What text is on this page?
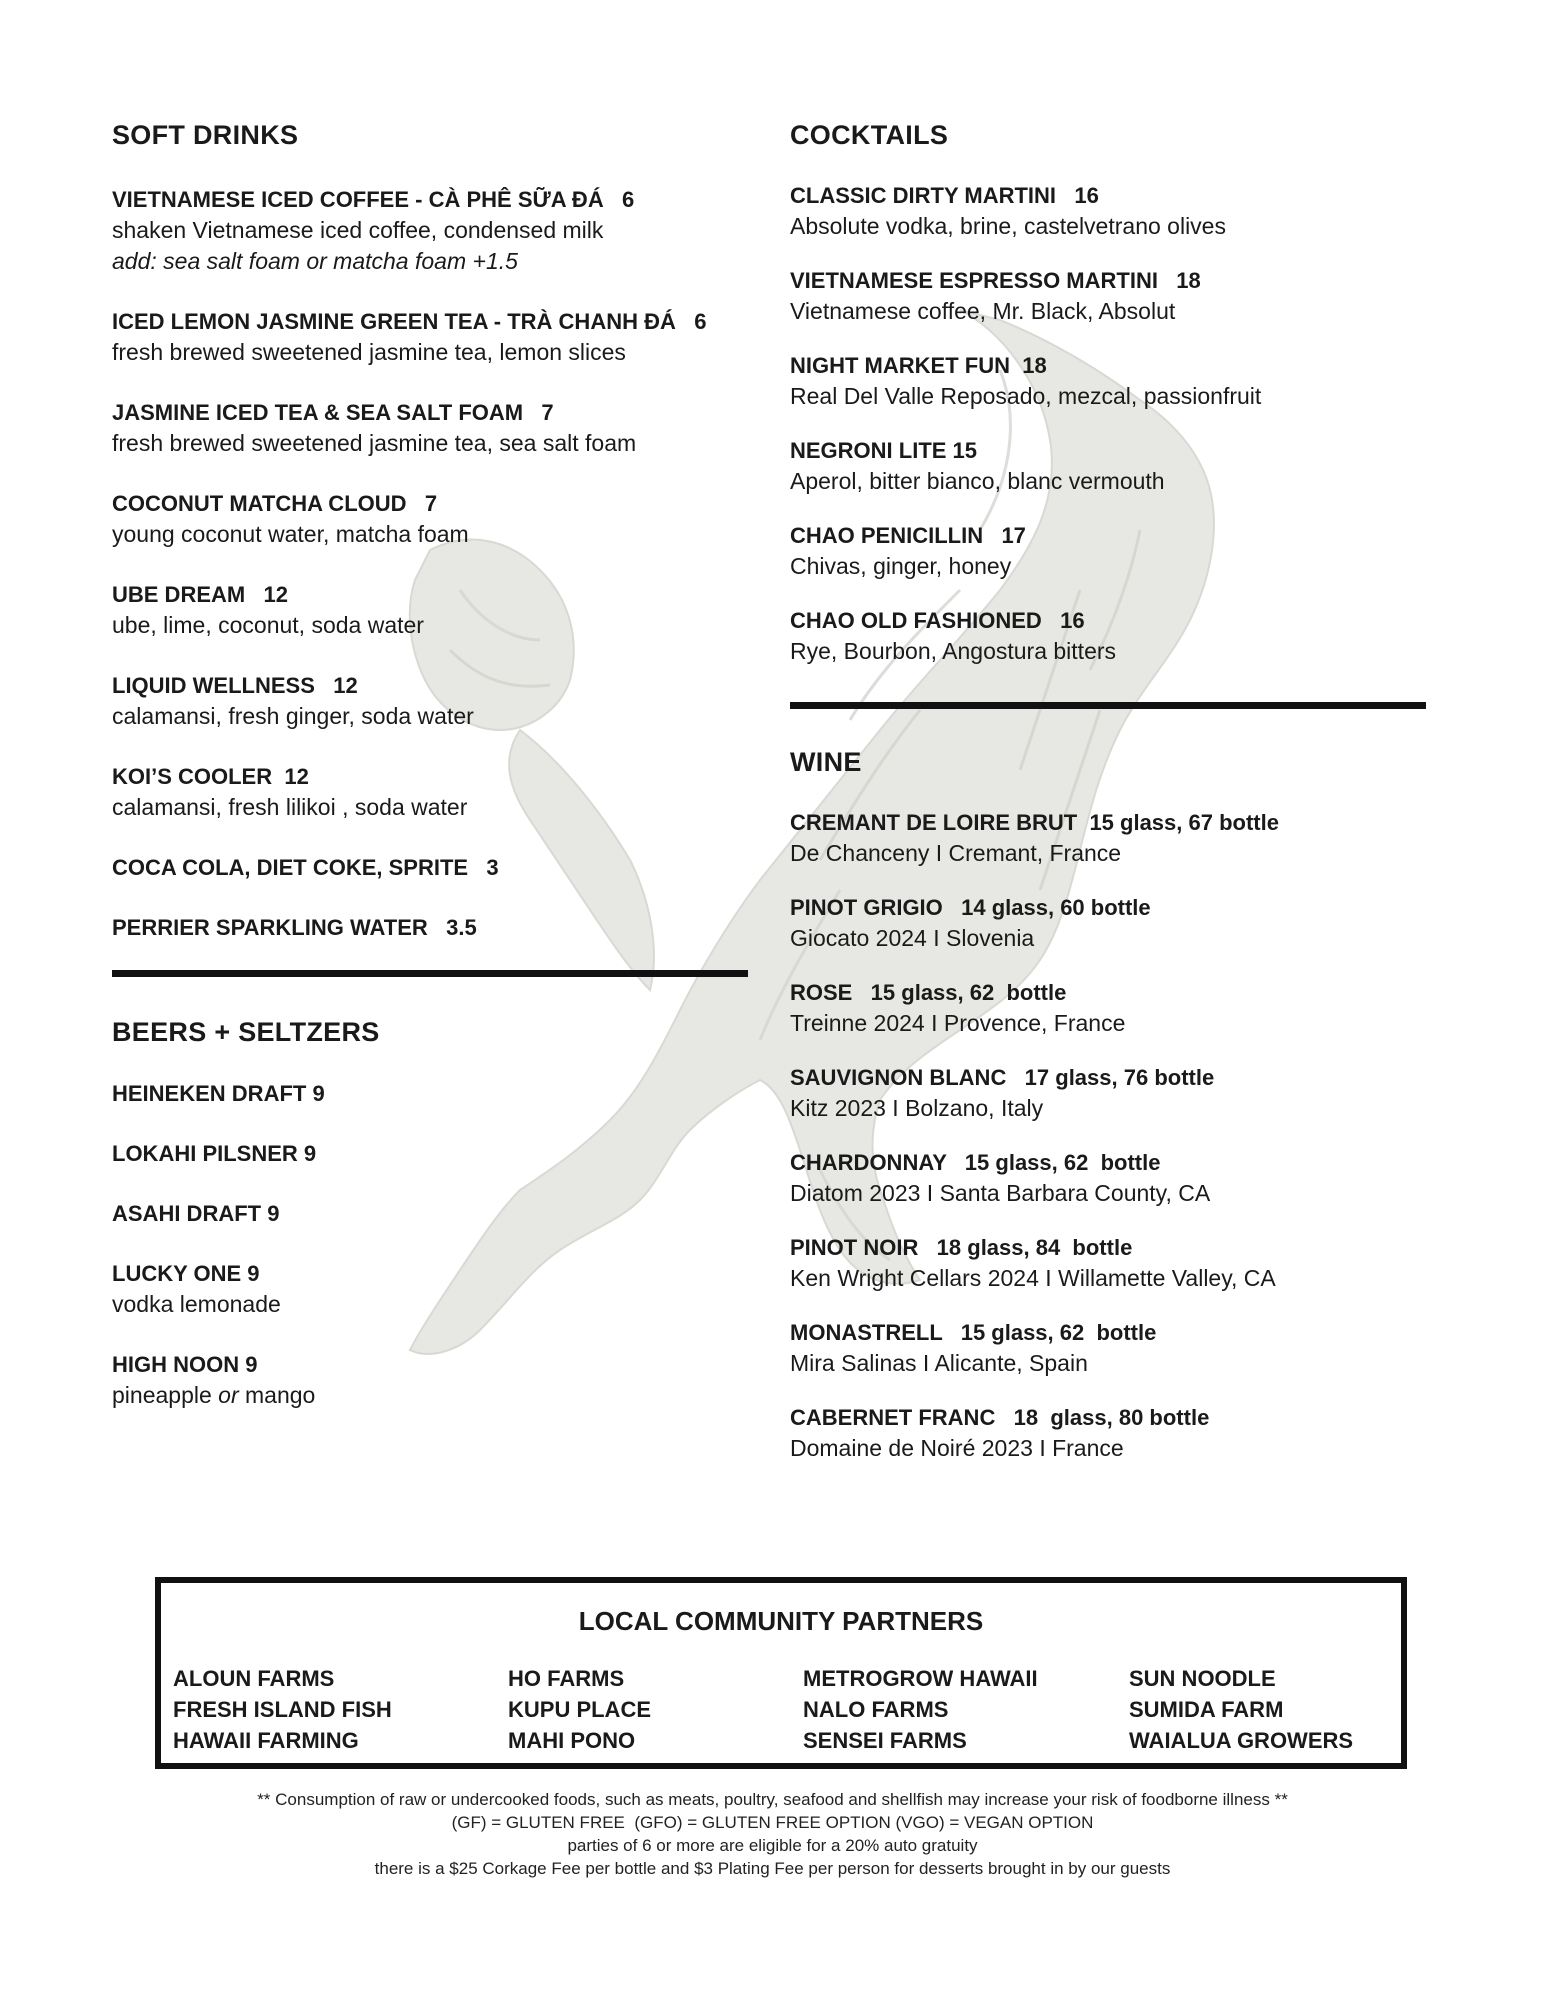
SOFT DRINKS
VIETNAMESE ICED COFFEE - CÀ PHÊ SỮA ĐÁ   6
shaken Vietnamese iced coffee, condensed milk
add: sea salt foam or matcha foam +1.5
ICED LEMON JASMINE GREEN TEA - TRÀ CHANH ĐÁ   6
fresh brewed sweetened jasmine tea, lemon slices
JASMINE ICED TEA & SEA SALT FOAM   7
fresh brewed sweetened jasmine tea, sea salt foam
COCONUT MATCHA CLOUD   7
young coconut water, matcha foam
UBE DREAM   12
ube, lime, coconut, soda water
LIQUID WELLNESS   12
calamansi, fresh ginger, soda water
KOI’S COOLER  12
calamansi, fresh lilikoi , soda water
COCA COLA, DIET COKE, SPRITE   3
PERRIER SPARKLING WATER   3.5
BEERS + SELTZERS
HEINEKEN DRAFT 9
LOKAHI PILSNER 9
ASAHI DRAFT 9
LUCKY ONE 9
vodka lemonade
HIGH NOON 9
pineapple or mango
COCKTAILS
CLASSIC DIRTY MARTINI   16
Absolute vodka, brine, castelvetrano olives
VIETNAMESE ESPRESSO MARTINI   18
Vietnamese coffee, Mr. Black, Absolut
NIGHT MARKET FUN  18
Real Del Valle Reposado, mezcal, passionfruit
NEGRONI LITE 15
Aperol, bitter bianco, blanc vermouth
CHAO PENICILLIN   17
Chivas, ginger, honey
CHAO OLD FASHIONED   16
Rye, Bourbon, Angostura bitters
WINE
CREMANT DE LOIRE BRUT  15 glass, 67 bottle
De Chanceny I Cremant, France
PINOT GRIGIO   14 glass, 60 bottle
Giocato 2024 I Slovenia
ROSE   15 glass, 62  bottle
Treinne 2024 I Provence, France
SAUVIGNON BLANC   17 glass, 76 bottle
Kitz 2023 I Bolzano, Italy
CHARDONNAY   15 glass, 62  bottle
Diatom 2023 I Santa Barbara County, CA
PINOT NOIR   18 glass, 84  bottle
Ken Wright Cellars 2024 I Willamette Valley, CA
MONASTRELL   15 glass, 62  bottle
Mira Salinas I Alicante, Spain
CABERNET FRANC   18  glass, 80 bottle
Domaine de Noiré 2023 I France
LOCAL COMMUNITY PARTNERS
ALOUN FARMS
FRESH ISLAND FISH
HAWAII FARMING
HO FARMS
KUPU PLACE
MAHI PONO
METROGROW HAWAII
NALO FARMS
SENSEI FARMS
SUN NOODLE
SUMIDA FARM
WAIALUA GROWERS
** Consumption of raw or undercooked foods, such as meats, poultry, seafood and shellfish may increase your risk of foodborne illness **
(GF) = GLUTEN FREE  (GFO) = GLUTEN FREE OPTION (VGO) = VEGAN OPTION
parties of 6 or more are eligible for a 20% auto gratuity
there is a $25 Corkage Fee per bottle and $3 Plating Fee per person for desserts brought in by our guests
